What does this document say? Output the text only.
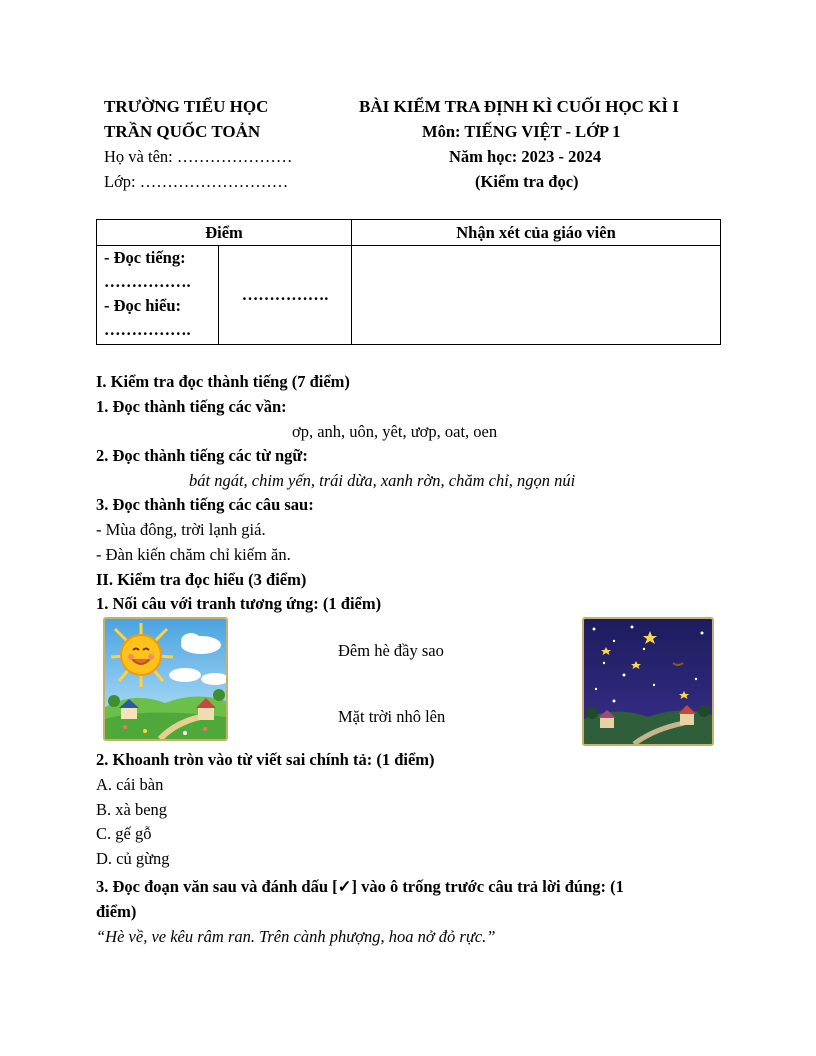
TRƯỜNG TIỂU HỌC
TRẦN QUỐC TOẢN
Họ và tên: …………………
Lớp: ………………………
BÀI KIỂM TRA ĐỊNH KÌ CUỐI HỌC KÌ I
Môn: TIẾNG VIỆT - LỚP 1
Năm học: 2023 - 2024
(Kiểm tra đọc)
Điểm		Nhận xét của giáo viên

- Đọc tiếng:
…………….
- Đọc hiểu:
…………….	…………….	
I. Kiểm tra đọc thành tiếng (7 điểm)
1. Đọc thành tiếng các vần:
ơp, anh, uôn, yêt, ươp, oat, oen
2. Đọc thành tiếng các từ ngữ:
bát ngát, chim yến, trái dừa, xanh rờn, chăm chỉ, ngọn núi
3. Đọc thành tiếng các câu sau:
- Mùa đông, trời lạnh giá.
- Đàn kiến chăm chỉ kiếm ăn.
II. Kiểm tra đọc hiểu (3 điểm)
1. Nối câu với tranh tương ứng: (1 điểm)
Đêm hè đầy sao
Mặt trời nhô lên
2. Khoanh tròn vào từ viết sai chính tả: (1 điểm)
A. cái bàn
B. xà beng
C. gế gỗ
D. củ gừng
3. Đọc đoạn văn sau và đánh dấu [✓] vào ô trống trước câu trả lời đúng: (1
điểm)
“Hè về, ve kêu râm ran. Trên cành phượng, hoa nở đỏ rực.”
